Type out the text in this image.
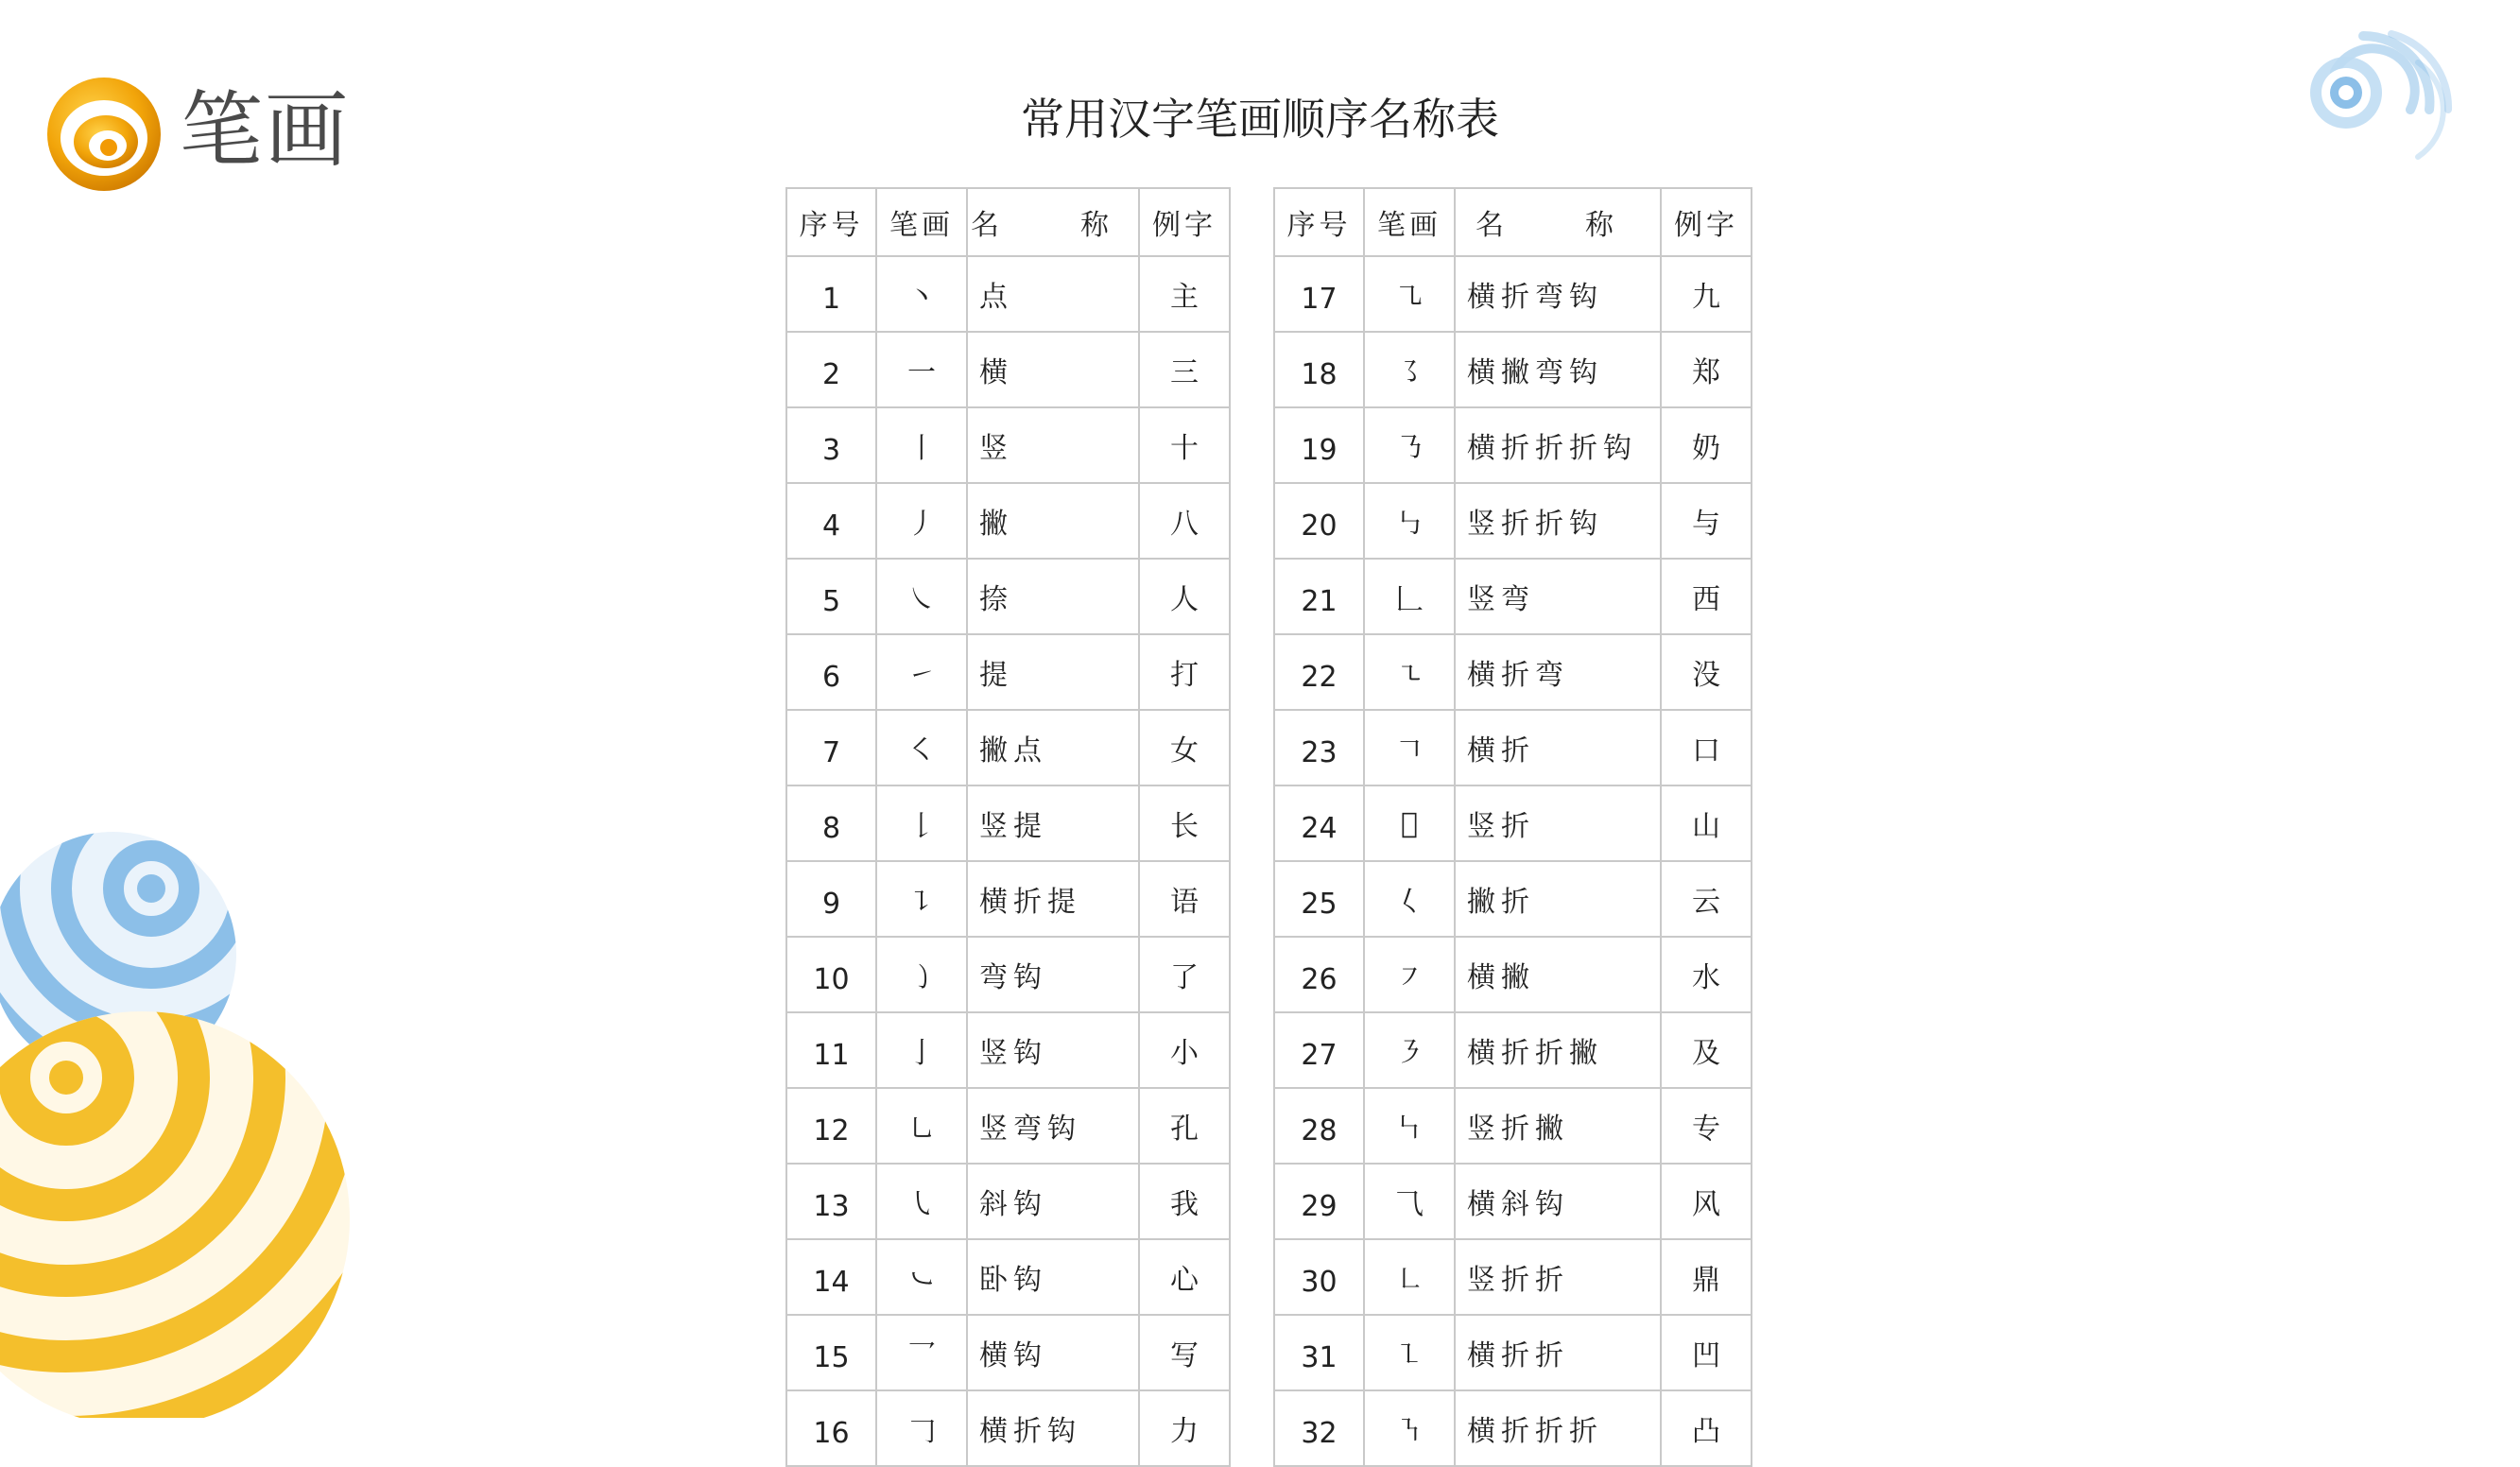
笔画	常用汉字笔画顺序名称表
序号	笔画	名　称	例字
1	丶	点	主
2	一	横	三
3	丨	竖	十
4	丿	撇	八
5	㇏	捺	人
6	㇀	提	打
7	㇛	撇点	女
8	𠄌	竖提	长
9	㇊	横折提	语
10	㇁	弯钩	了
11	亅	竖钩	小
12	㇟	竖弯钩	孔
13	㇂	斜钩	我
14	㇃	卧钩	心
15	乛	横钩	写
16	𠃌	横折钩	力
序号	笔画	名　称	例字
17	㇈	横折弯钩	九
18	㇌	横撇弯钩	郑
19	㇡	横折折折钩	奶
20	㇉	竖折折钩	与
21	𠃊	竖弯	西
22	㇍	横折弯	没
23	𠃍	横折	口
24	𠃎	竖折	山
25	𡿨	撇折	云
26	㇇	横撇	水
27	㇋	横折折撇	及
28	㇞	竖折撇	专
29	⺄	横斜钩	风
30	㇗	竖折折	鼎
31	㇅	横折折	凹
32	㇎	横折折折	凸
